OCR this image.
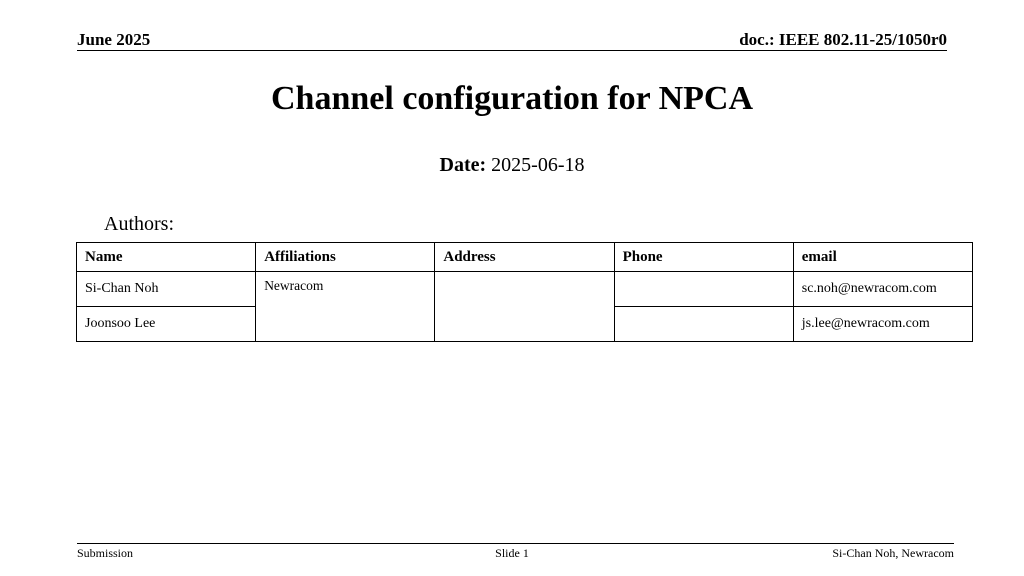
June 2025	doc.: IEEE 802.11-25/1050r0
Channel configuration for NPCA
Date: 2025-06-18
Authors:
Name	Affiliations	Address	Phone	email
Si-Chan Noh	Newracom			sc.noh@newracom.com
Joonsoo Lee				js.lee@newracom.com
Submission	Slide 1	Si-Chan Noh, Newracom
